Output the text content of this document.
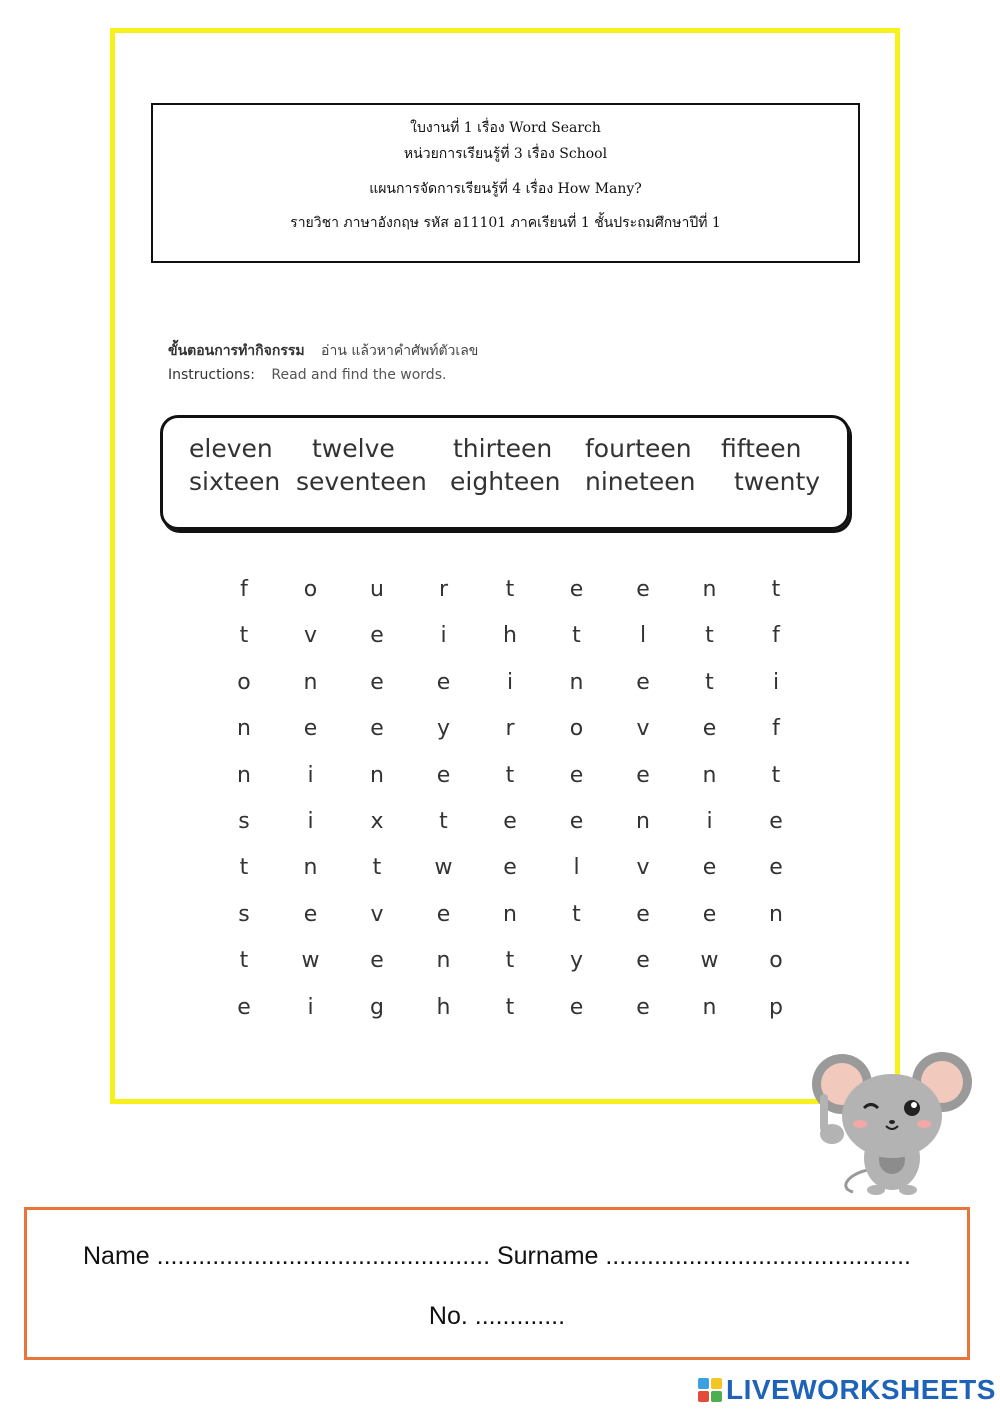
ใบงานที่ 1 เรื่อง Word Search
หน่วยการเรียนรู้ที่ 3 เรื่อง School
แผนการจัดการเรียนรู้ที่ 4 เรื่อง How Many?
รายวิชา ภาษาอังกฤษ รหัส อ11101 ภาคเรียนที่ 1 ชั้นประถมศึกษาปีที่ 1
ขั้นตอนการทำกิจกรรม อ่าน แล้วหาคำศัพท์ตัวเลข
Instructions: Read and find the words.
eleven twelve thirteen fourteen fifteen
sixteen seventeen eighteen nineteen twenty
f	o	u	r	t	e	e	n	t
t	v	e	i	h	t	l	t	f
o	n	e	e	i	n	e	t	i
n	e	e	y	r	o	v	e	f
n	i	n	e	t	e	e	n	t
s	i	x	t	e	e	n	i	e
t	n	t	w	e	l	v	e	e
s	e	v	e	n	t	e	e	n
t	w	e	n	t	y	e	w	o
e	i	g	h	t	e	e	n	p
Name ................................................ Surname ............................................
No. .............
LIVEWORKSHEETS
